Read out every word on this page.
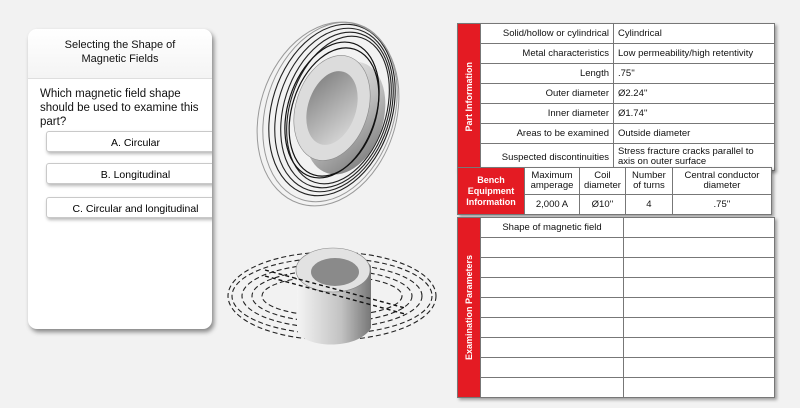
Selecting the Shape of Magnetic Fields
Which magnetic field shape should be used to examine this part?
A. Circular
B. Longitudinal
C. Circular and longitudinal
Part Information	Solid/hollow or cylindrical	Cylindrical
	Metal characteristics	Low permeability/high retentivity
	Length	.75''
	Outer diameter	Ø2.24''
	Inner diameter	Ø1.74''
	Areas to be examined	Outside diameter
	Suspected discontinuities	Stress fracture cracks parallel to axis on outer surface
Bench Equipment Information	Maximum amperage	Coil diameter	Number of turns	Central conductor diameter
	2,000 A	Ø10''	4	.75''
Examination Parameters	Shape of magnetic field	
